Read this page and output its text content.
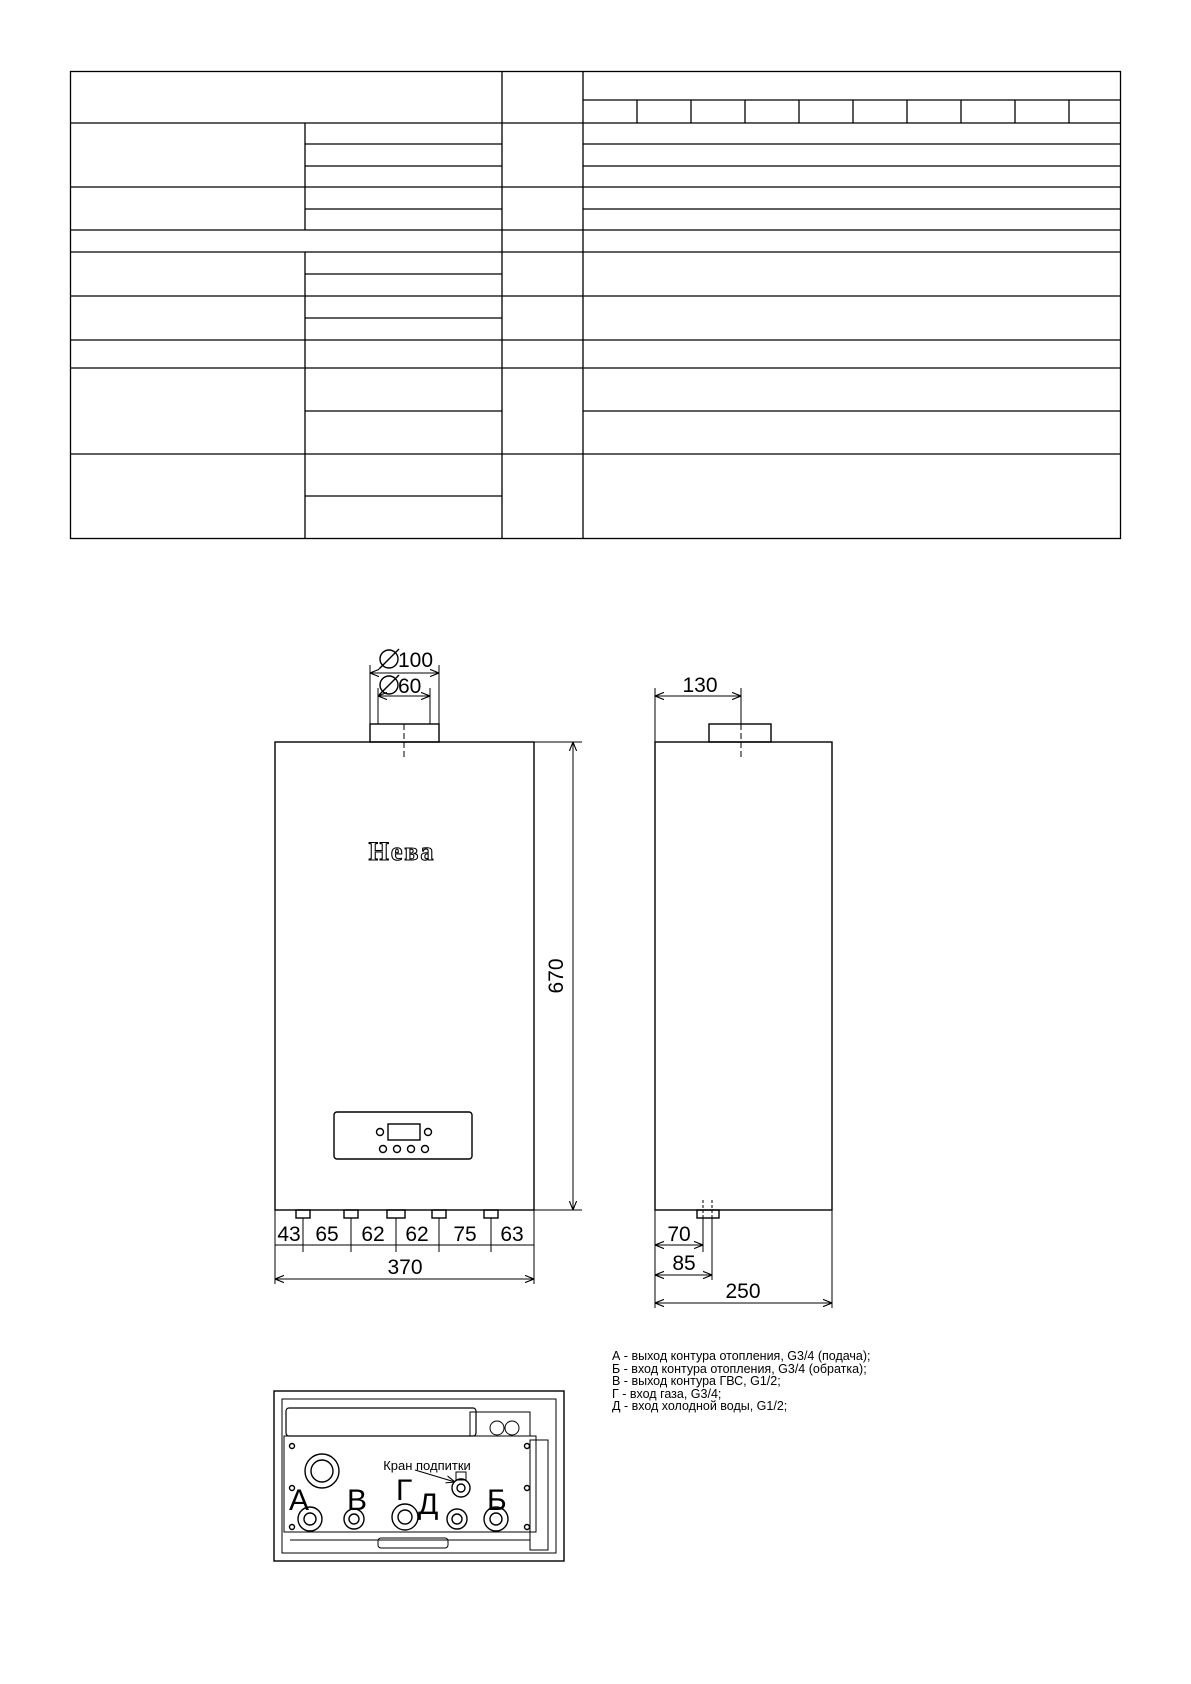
100
60
670
Нева
43 65 62 62 75 63
370
130
70
85
250
Кран подпитки
А В Г Д Б
А - выход контура отопления, G3/4 (подача);
Б - вход контура отопления, G3/4 (обратка);
В - выход контура ГВС, G1/2;
Г - вход газа, G3/4;
Д - вход холодной воды, G1/2;
